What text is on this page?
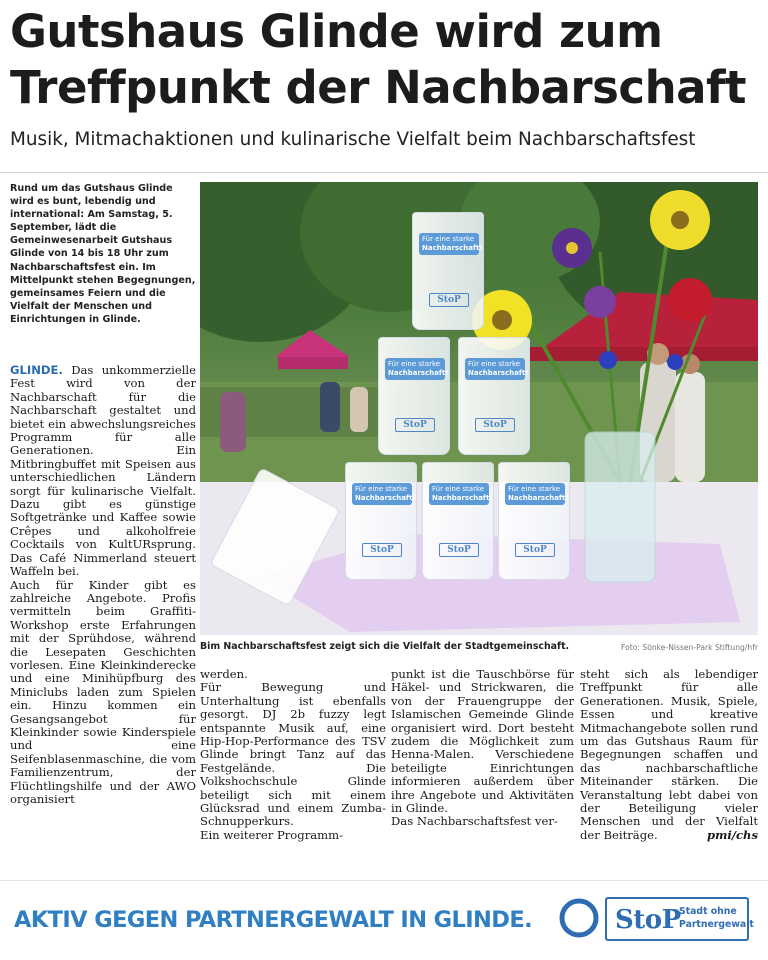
Gutshaus Glinde wird zum Treffpunkt der Nachbarschaft
Musik, Mitmachaktionen und kulinarische Vielfalt beim Nachbarschaftsfest
Rund um das Gutshaus Glinde wird es bunt, lebendig und international: Am Samstag, 5. September, lädt die Gemeinwesenarbeit Gutshaus Glinde von 14 bis 18 Uhr zum Nachbarschaftsfest ein. Im Mittelpunkt stehen Begegnungen, gemeinsames Feiern und die Vielfalt der Menschen und Einrichtungen in Glinde.

GLINDE. Das unkommerzielle Fest wird von der Nachbarschaft für die Nachbarschaft gestaltet und bietet ein abwechslungsreiches Programm für alle Generationen. Ein Mitbringbuffet mit Speisen aus unterschiedlichen Ländern sorgt für kulinarische Vielfalt. Dazu gibt es günstige Softgetränke und Kaffee sowie Crêpes und alkoholfreie Cocktails von KultURsprung. Das Café Nimmerland steuert Waffeln bei.

Auch für Kinder gibt es zahlreiche Angebote. Profis vermitteln beim Graffiti-Workshop erste Erfahrungen mit der Sprühdose, während die Lesepaten Geschichten vorlesen. Eine Kleinkinderecke und eine Minihüpfburg des Miniclubs laden zum Spielen ein. Hinzu kommen ein Gesangsangebot für Kleinkinder sowie Kinderspiele und eine Seifenblasenmaschine, die vom Familienzentrum, der Flüchtlingshilfe und der AWO organisiert

Für eine starke
Nachbarschaft!
StoP
Für eine starke
Nachbarschaft!
StoP
Für eine starke
Nachbarschaft!
StoP
Für eine starke
Nachbarschaft!
StoP
Für eine starke
Nachbarschaft!
StoP
Für eine starke
Nachbarschaft!
StoP
Bim Nachbarschaftsfest zeigt sich die Vielfalt der Stadtgemeinschaft.	Foto: Sönke-Nissen-Park Stiftung/hfr

werden.

Für Bewegung und Unterhaltung ist ebenfalls gesorgt. DJ 2b fuzzy legt entspannte Musik auf, eine Hip-Hop-Performance des TSV Glinde bringt Tanz auf das Festgelände. Die Volkshochschule Glinde beteiligt sich mit einem Glücksrad und einem Zumba-Schnupperkurs.

Ein weiterer Programm-

punkt ist die Tauschbörse für Häkel- und Strickwaren, die von der Frauengruppe der Islamischen Gemeinde Glinde organisiert wird. Dort besteht zudem die Möglichkeit zum Henna-Malen. Verschiedene beteiligte Einrichtungen informieren außerdem über ihre Angebote und Aktivitäten in Glinde.

Das Nachbarschaftsfest ver-

steht sich als lebendiger Treffpunkt für alle Generationen. Musik, Spiele, Essen und kreative Mitmachangebote sollen rund um das Gutshaus Raum für Begegnungen schaffen und das nachbarschaftliche Miteinander stärken. Die Veranstaltung lebt dabei von der Beteiligung vieler Menschen und der Vielfalt der Beiträge.	pmi/chs

AKTIV GEGEN PARTNERGEWALT IN GLINDE.	StoP
Stadt ohne
Partnergewalt
